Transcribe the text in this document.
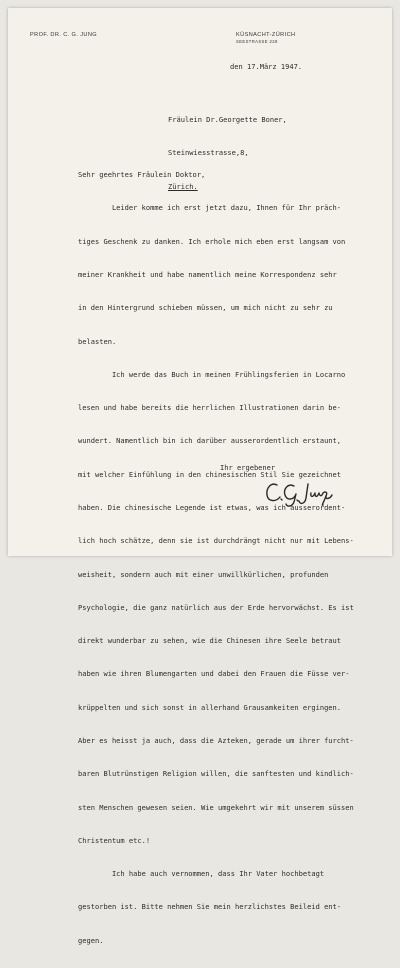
PROF. DR. C. G. JUNG	KÜSNACHT-ZÜRICH
SEESTRASSE 228
den 17.März 1947.

Fräulein Dr.Georgette Boner,

Steinwiesstrasse,8,

Zürich.

Sehr geehrtes Fräulein Doktor,

Leider komme ich erst jetzt dazu, Ihnen für Ihr präch-

tiges Geschenk zu danken. Ich erhole mich eben erst langsam von

meiner Krankheit und habe namentlich meine Korrespondenz sehr

in den Hintergrund schieben müssen, um mich nicht zu sehr zu

belasten.

Ich werde das Buch in meinen Frühlingsferien in Locarno

lesen und habe bereits die herrlichen Illustrationen darin be-

wundert. Namentlich bin ich darüber ausserordentlich erstaunt,

mit welcher Einfühlung in den chinesischen Stil Sie gezeichnet

haben. Die chinesische Legende ist etwas, was ich ausserordent-

lich hoch schätze, denn sie ist durchdrängt nicht nur mit Lebens-

weisheit, sondern auch mit einer unwillkürlichen, profunden

Psychologie, die ganz natürlich aus der Erde hervorwächst. Es ist

direkt wunderbar zu sehen, wie die Chinesen ihre Seele betraut

haben wie ihren Blumengarten und dabei den Frauen die Füsse ver-

krüppelten und sich sonst in allerhand Grausamkeiten ergingen.

Aber es heisst ja auch, dass die Azteken, gerade um ihrer furcht-

baren Blutrünstigen Religion willen, die sanftesten und kindlich-

sten Menschen gewesen seien. Wie umgekehrt wir mit unserem süssen

Christentum etc.!

Ich habe auch vernommen, dass Ihr Vater hochbetagt

gestorben ist. Bitte nehmen Sie mein herzlichstes Beileid ent-

gegen.

Ihr ergebener
